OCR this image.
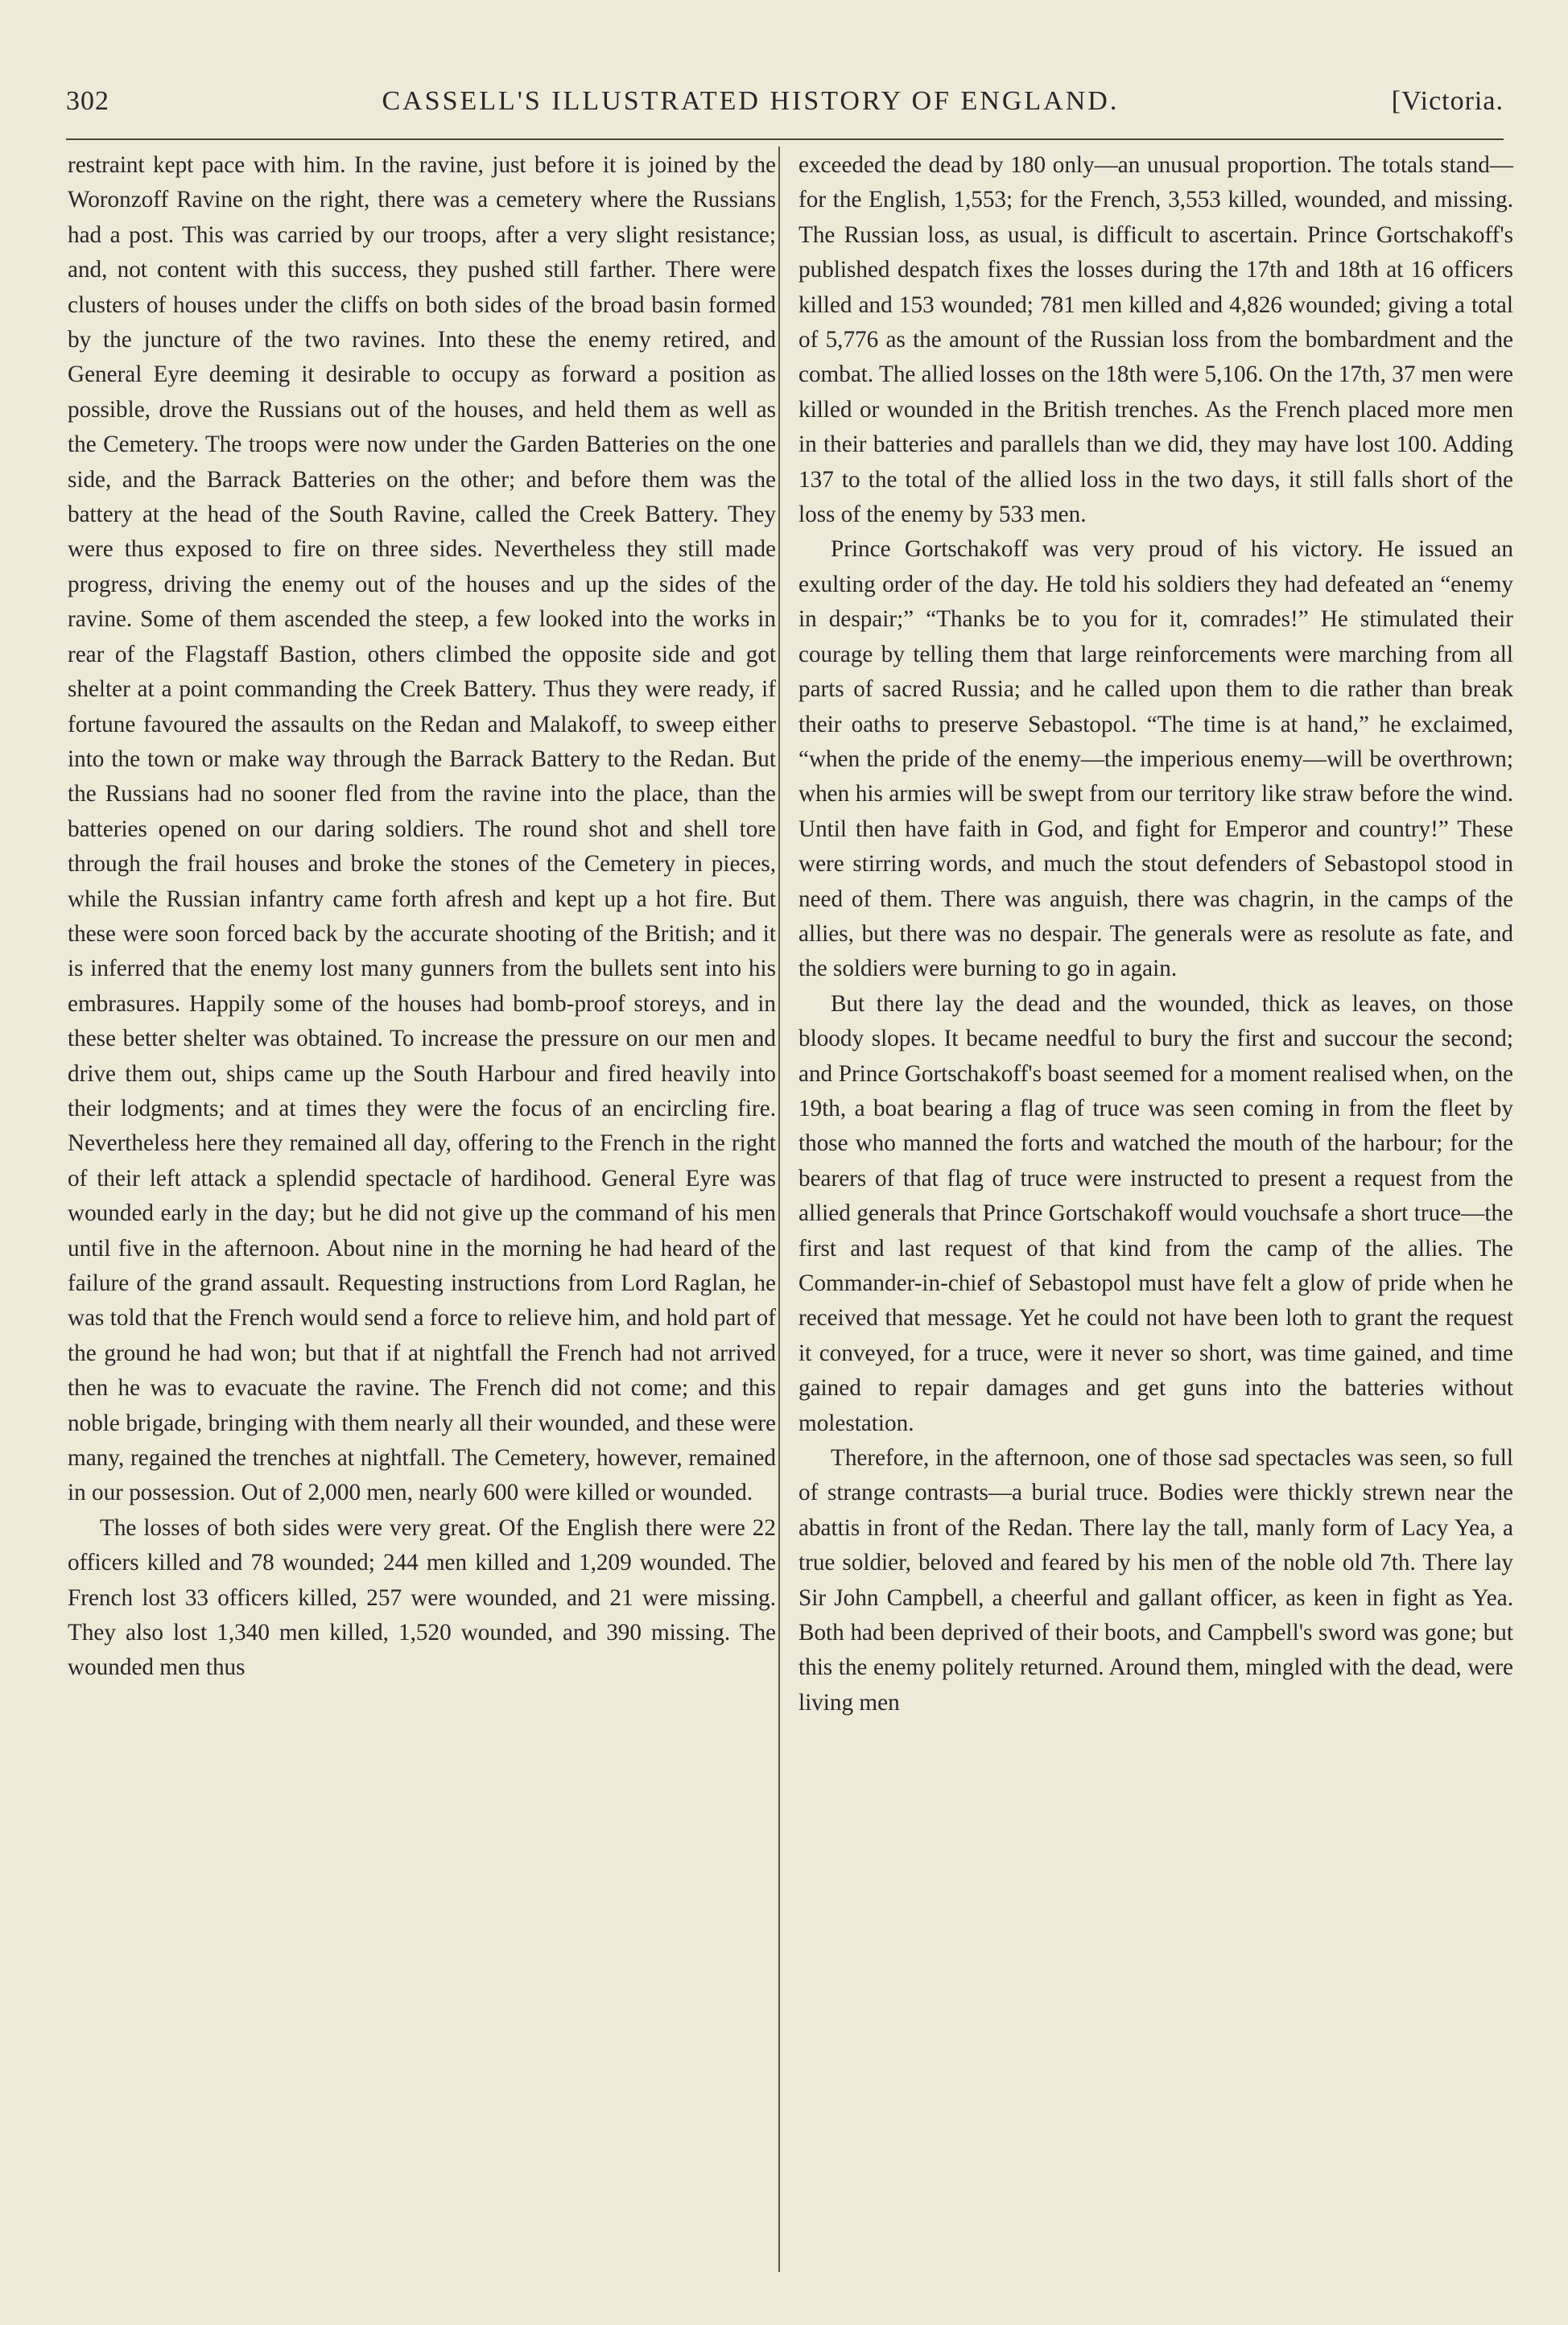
302	CASSELL'S ILLUSTRATED HISTORY OF ENGLAND.	[Victoria.

restraint kept pace with him. In the ravine, just before it is joined by the Woronzoff Ravine on the right, there was a cemetery where the Russians had a post. This was carried by our troops, after a very slight resistance; and, not content with this success, they pushed still farther. There were clusters of houses under the cliffs on both sides of the broad basin formed by the juncture of the two ravines. Into these the enemy retired, and General Eyre deeming it desirable to occupy as forward a position as possible, drove the Russians out of the houses, and held them as well as the Cemetery. The troops were now under the Garden Batteries on the one side, and the Barrack Batteries on the other; and before them was the battery at the head of the South Ravine, called the Creek Battery. They were thus exposed to fire on three sides. Nevertheless they still made progress, driving the enemy out of the houses and up the sides of the ravine. Some of them ascended the steep, a few looked into the works in rear of the Flagstaff Bastion, others climbed the opposite side and got shelter at a point commanding the Creek Battery. Thus they were ready, if fortune favoured the assaults on the Redan and Malakoff, to sweep either into the town or make way through the Barrack Battery to the Redan. But the Russians had no sooner fled from the ravine into the place, than the batteries opened on our daring soldiers. The round shot and shell tore through the frail houses and broke the stones of the Cemetery in pieces, while the Russian infantry came forth afresh and kept up a hot fire. But these were soon forced back by the accurate shooting of the British; and it is inferred that the enemy lost many gunners from the bullets sent into his embrasures. Happily some of the houses had bomb-proof storeys, and in these better shelter was obtained. To increase the pressure on our men and drive them out, ships came up the South Harbour and fired heavily into their lodgments; and at times they were the focus of an encircling fire. Nevertheless here they remained all day, offering to the French in the right of their left attack a splendid spectacle of hardihood. General Eyre was wounded early in the day; but he did not give up the command of his men until five in the afternoon. About nine in the morning he had heard of the failure of the grand assault. Requesting instructions from Lord Raglan, he was told that the French would send a force to relieve him, and hold part of the ground he had won; but that if at nightfall the French had not arrived then he was to evacuate the ravine. The French did not come; and this noble brigade, bringing with them nearly all their wounded, and these were many, regained the trenches at nightfall. The Cemetery, however, remained in our possession. Out of 2,000 men, nearly 600 were killed or wounded.

The losses of both sides were very great. Of the English there were 22 officers killed and 78 wounded; 244 men killed and 1,209 wounded. The French lost 33 officers killed, 257 were wounded, and 21 were missing. They also lost 1,340 men killed, 1,520 wounded, and 390 missing. The wounded men thus

exceeded the dead by 180 only—an unusual proportion. The totals stand—for the English, 1,553; for the French, 3,553 killed, wounded, and missing. The Russian loss, as usual, is difficult to ascertain. Prince Gortschakoff's published despatch fixes the losses during the 17th and 18th at 16 officers killed and 153 wounded; 781 men killed and 4,826 wounded; giving a total of 5,776 as the amount of the Russian loss from the bombardment and the combat. The allied losses on the 18th were 5,106. On the 17th, 37 men were killed or wounded in the British trenches. As the French placed more men in their batteries and parallels than we did, they may have lost 100. Adding 137 to the total of the allied loss in the two days, it still falls short of the loss of the enemy by 533 men.

Prince Gortschakoff was very proud of his victory. He issued an exulting order of the day. He told his soldiers they had defeated an “enemy in despair;” “Thanks be to you for it, comrades!” He stimulated their courage by telling them that large reinforcements were marching from all parts of sacred Russia; and he called upon them to die rather than break their oaths to preserve Sebastopol. “The time is at hand,” he exclaimed, “when the pride of the enemy—the imperious enemy—will be overthrown; when his armies will be swept from our territory like straw before the wind. Until then have faith in God, and fight for Emperor and country!” These were stirring words, and much the stout defenders of Sebastopol stood in need of them. There was anguish, there was chagrin, in the camps of the allies, but there was no despair. The generals were as resolute as fate, and the soldiers were burning to go in again.

But there lay the dead and the wounded, thick as leaves, on those bloody slopes. It became needful to bury the first and succour the second; and Prince Gortschakoff's boast seemed for a moment realised when, on the 19th, a boat bearing a flag of truce was seen coming in from the fleet by those who manned the forts and watched the mouth of the harbour; for the bearers of that flag of truce were instructed to present a request from the allied generals that Prince Gortschakoff would vouchsafe a short truce—the first and last request of that kind from the camp of the allies. The Commander-in-chief of Sebastopol must have felt a glow of pride when he received that message. Yet he could not have been loth to grant the request it conveyed, for a truce, were it never so short, was time gained, and time gained to repair damages and get guns into the batteries without molestation.

Therefore, in the afternoon, one of those sad spectacles was seen, so full of strange contrasts—a burial truce. Bodies were thickly strewn near the abattis in front of the Redan. There lay the tall, manly form of Lacy Yea, a true soldier, beloved and feared by his men of the noble old 7th. There lay Sir John Campbell, a cheerful and gallant officer, as keen in fight as Yea. Both had been deprived of their boots, and Campbell's sword was gone; but this the enemy politely returned. Around them, mingled with the dead, were living men
